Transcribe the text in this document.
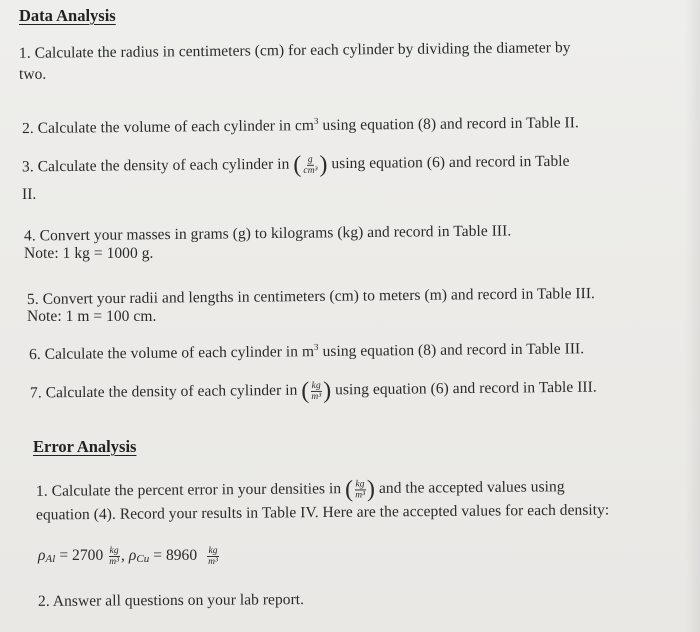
Data Analysis
1. Calculate the radius in centimeters (cm) for each cylinder by dividing the diameter by
two.
2. Calculate the volume of each cylinder in $cm^3$ using equation (8) and record in Table II.
3. Calculate the density of each cylinder in ( $\frac{g}{\text{cm³}}$ ) using equation (6) and record in Table
II.
4. Convert your masses in grams (g) to kilograms (kg) and record in Table III.
Note: 1 kg = 1000 g.
5. Convert your radii and lengths in centimeters (cm) to meters (m) and record in Table III.
Note: 1 m = 100 cm.
6. Calculate the volume of each cylinder in $m^3$ using equation (8) and record in Table III.
7. Calculate the density of each cylinder in ( $\frac{kg}{\text{m³}}$ ) using equation (6) and record in Table III.
Error Analysis
1. Calculate the percent error in your densities in ( $\frac{kg}{\text{m³}}$ ) and the accepted values using
equation (4). Record your results in Table IV. Here are the accepted values for each density:
$\rho Al = 2700 \frac{kg}{\text{m³}}$ , $\rho Cu = 8960 \frac{kg}{\text{m³}}$
2. Answer all questions on your lab report.
